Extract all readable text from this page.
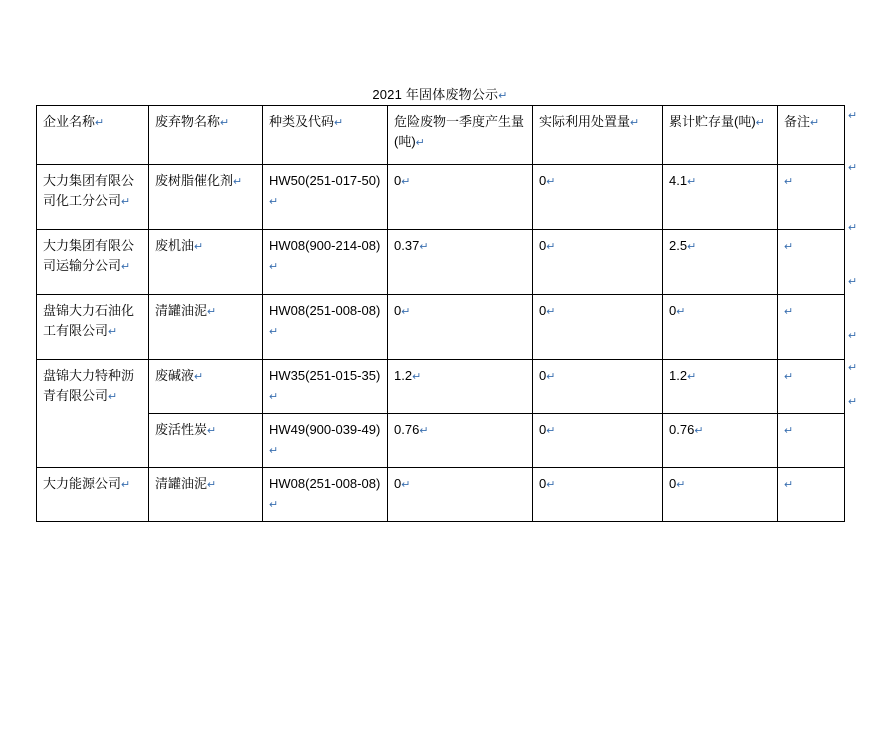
2021 年固体废物公示↵
企业名称↵	废弃物名称↵	种类及代码↵	危险废物一季度产生量(吨)↵	实际利用处置量↵	累计贮存量(吨)↵	备注↵
大力集团有限公司化工分公司↵	废树脂催化剂↵	HW50(251-017-50)↵	0↵	0↵	4.1↵	↵
大力集团有限公司运输分公司↵	废机油↵	HW08(900-214-08)↵	0.37↵	0↵	2.5↵	↵
盘锦大力石油化工有限公司↵	清罐油泥↵	HW08(251-008-08)↵	0↵	0↵	0↵	↵
盘锦大力特种沥青有限公司↵	废碱液↵	HW35(251-015-35)↵	1.2↵	0↵	1.2↵	↵
	废活性炭↵	HW49(900-039-49)↵	0.76↵	0↵	0.76↵	↵
大力能源公司↵	清罐油泥↵	HW08(251-008-08)↵	0↵	0↵	0↵	↵
↵
↵
↵
↵
↵
↵
↵
